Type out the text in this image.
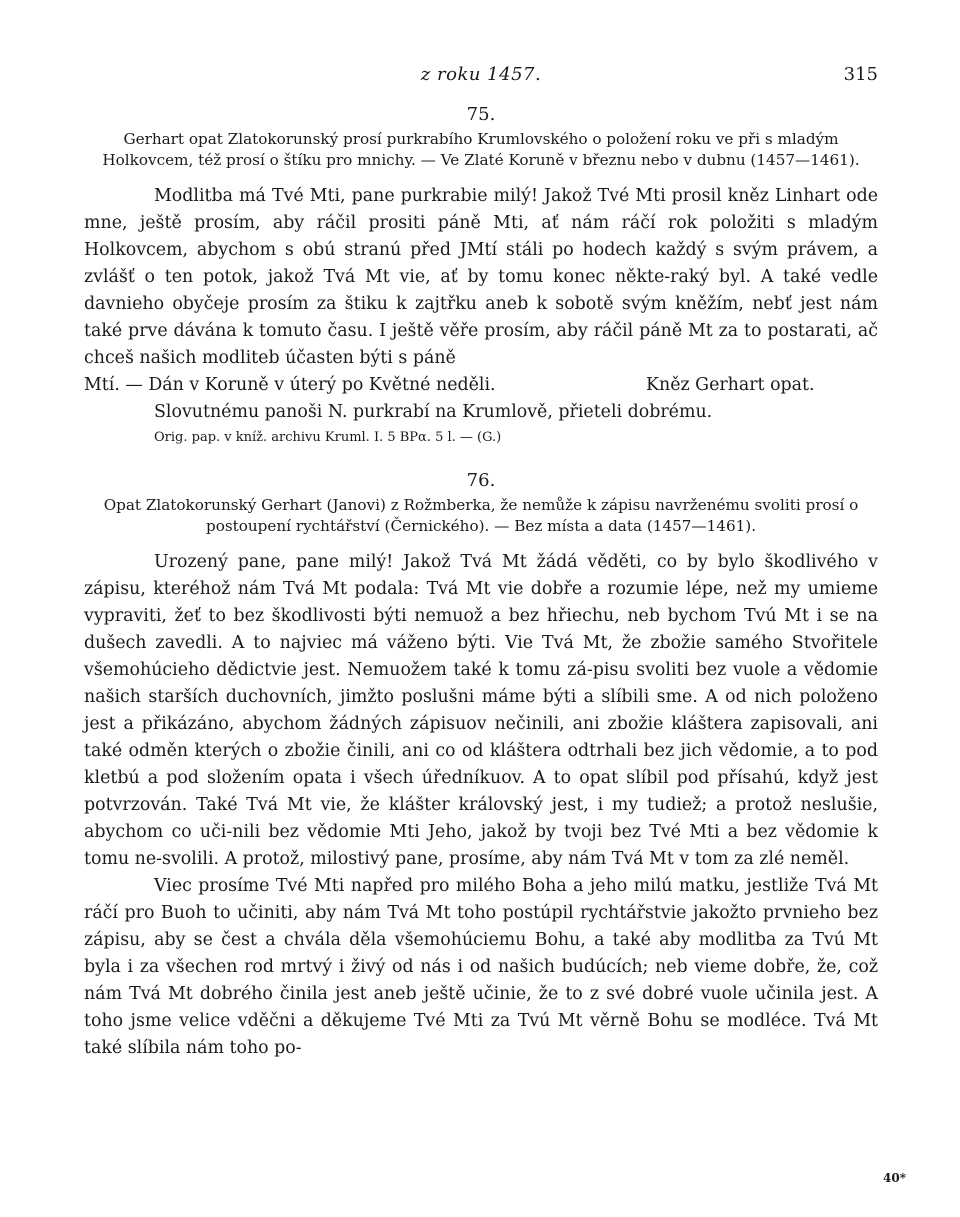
z roku 1457.	315
75.
Gerhart opat Zlatokorunský prosí purkrabího Krumlovského o položení roku ve při s mladým Holkovcem, též prosí o štíku pro mnichy. — Ve Zlaté Koruně v březnu nebo v dubnu (1457—1461).

Modlitba má Tvé Mti, pane purkrabie milý! Jakož Tvé Mti prosil kněz Linhart ode mne, ještě prosím, aby ráčil prositi páně Mti, ať nám ráčí rok položiti s mladým Holkovcem, abychom s obú stranú před JMtí stáli po hodech každý s svým právem, a zvlášť o ten potok, jakož Tvá Mt vie, ať by tomu konec někte-raký byl. A také vedle davnieho obyčeje prosím za štiku k zajtřku aneb k sobotě svým kněžím, nebť jest nám také prve dávána k tomuto času. I ještě věře prosím, aby ráčil páně Mt za to postarati, ač chceš našich modliteb účasten býti s páně

Mtí. — Dán v Koruně v úterý po Květné neděli.	Kněz Gerhart opat.
Slovutnému panoši N. purkrabí na Krumlově, přieteli dobrému.
Orig. pap. v kníž. archivu Kruml. I. 5 BPα. 5 l. — (G.)
76.
Opat Zlatokorunský Gerhart (Janovi) z Rožmberka, že nemůže k zápisu navrženému svoliti prosí o postoupení rychtářství (Černického). — Bez místa a data (1457—1461).

Urozený pane, pane milý! Jakož Tvá Mt žádá věděti, co by bylo škodlivého v zápisu, kteréhož nám Tvá Mt podala: Tvá Mt vie dobře a rozumie lépe, než my umieme vypraviti, žeť to bez škodlivosti býti nemuož a bez hřiechu, neb bychom Tvú Mt i se na dušech zavedli. A to najviec má váženo býti. Vie Tvá Mt, že zbožie samého Stvořitele všemohúcieho dědictvie jest. Nemuožem také k tomu zá-pisu svoliti bez vuole a vědomie našich starších duchovních, jimžto poslušni máme býti a slíbili sme. A od nich položeno jest a přikázáno, abychom žádných zápisuov nečinili, ani zbožie kláštera zapisovali, ani také odměn kterých o zbožie činili, ani co od kláštera odtrhali bez jich vědomie, a to pod kletbú a pod složením opata i všech úředníkuov. A to opat slíbil pod přísahú, když jest potvrzován. Také Tvá Mt vie, že klášter královský jest, i my tudiež; a protož neslušie, abychom co uči-nili bez vědomie Mti Jeho, jakož by tvoji bez Tvé Mti a bez vědomie k tomu ne-svolili. A protož, milostivý pane, prosíme, aby nám Tvá Mt v tom za zlé neměl.

Viec prosíme Tvé Mti napřed pro milého Boha a jeho milú matku, jestliže Tvá Mt ráčí pro Buoh to učiniti, aby nám Tvá Mt toho postúpil rychtářstvie jakožto prvnieho bez zápisu, aby se čest a chvála děla všemohúciemu Bohu, a také aby modlitba za Tvú Mt byla i za všechen rod mrtvý i živý od nás i od našich budúcích; neb vieme dobře, že, což nám Tvá Mt dobrého činila jest aneb ještě učinie, že to z své dobré vuole učinila jest. A toho jsme velice vděčni a děkujeme Tvé Mti za Tvú Mt věrně Bohu se modléce. Tvá Mt také slíbila nám toho po-

40*
